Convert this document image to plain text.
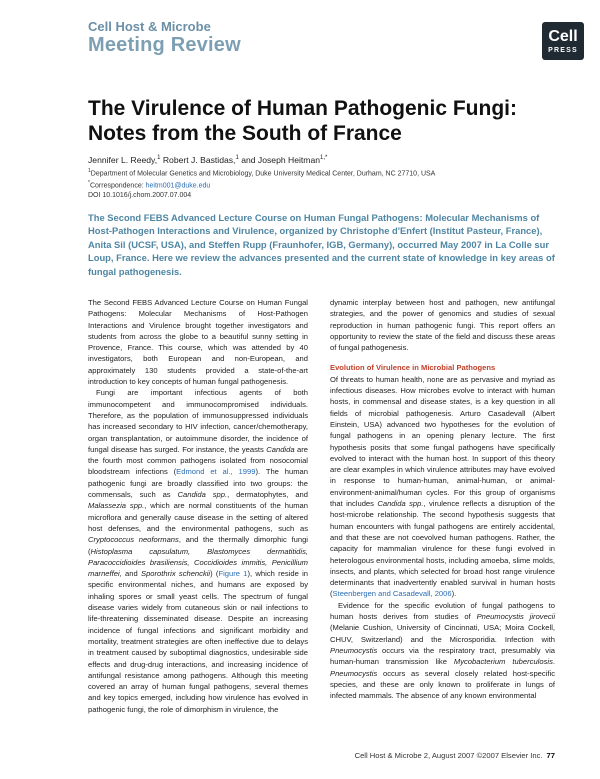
Cell Host & Microbe
Meeting Review	Cell
PRESS
The Virulence of Human Pathogenic Fungi: Notes from the South of France
Jennifer L. Reedy,$^1$ Robert J. Bastidas,$^1$ and Joseph Heitman$^{1,*}$
$^1$Department of Molecular Genetics and Microbiology, Duke University Medical Center, Durham, NC 27710, USA
*Correspondence: heitm001@duke.edu
DOI 10.1016/j.chom.2007.07.004

The Second FEBS Advanced Lecture Course on Human Fungal Pathogens: Molecular Mechanisms of Host-Pathogen Interactions and Virulence, organized by Christophe d'Enfert (Institut Pasteur, France), Anita Sil (UCSF, USA), and Steffen Rupp (Fraunhofer, IGB, Germany), occurred May 2007 in La Colle sur Loup, France. Here we review the advances presented and the current state of knowledge in key areas of fungal pathogenesis.

The Second FEBS Advanced Lecture Course on Human Fungal Pathogens: Molecular Mechanisms of Host-Pathogen Interactions and Virulence brought together investigators and students from across the globe to a beautiful sunny setting in Provence, France. This course, which was attended by 40 investigators, both European and non-European, and approximately 130 students provided a state-of-the-art introduction to key concepts of human fungal pathogenesis.

Fungi are important infectious agents of both immunocompetent and immunocompromised individuals. Therefore, as the population of immunosuppressed individuals has increased secondary to HIV infection, cancer/chemotherapy, organ transplantation, or autoimmune disorder, the incidence of fungal disease has surged. For instance, the yeasts Candida are the fourth most common pathogens isolated from nosocomial bloodstream infections (Edmond et al., 1999). The human pathogenic fungi are broadly classified into two groups: the commensals, such as Candida spp., dermatophytes, and Malassezia spp., which are normal constituents of the human microflora and generally cause disease in the setting of altered host defenses, and the environmental pathogens, such as Cryptococcus neoformans, and the thermally dimorphic fungi (Histoplasma capsulatum, Blastomyces dermatitidis, Paracoccidioides brasiliensis, Coccidioides immitis, Penicillium marneffei, and Sporothrix schenckii) (Figure 1), which reside in specific environmental niches, and humans are exposed by inhaling spores or small yeast cells. The spectrum of fungal disease varies widely from cutaneous skin or nail infections to life-threatening disseminated disease. Despite an increasing incidence of fungal infections and significant morbidity and mortality, treatment strategies are often ineffective due to delays in treatment caused by suboptimal diagnostics, undesirable side effects and drug-drug interactions, and increasing incidence of antifungal resistance among pathogens. Although this meeting covered an array of human fungal pathogens, several themes and key topics emerged, including how virulence has evolved in pathogenic fungi, the role of dimorphism in virulence, the

dynamic interplay between host and pathogen, new antifungal strategies, and the power of genomics and studies of sexual reproduction in human pathogenic fungi. This report offers an opportunity to review the state of the field and discuss these areas of fungal pathogenesis.

Evolution of Virulence in Microbial Pathogens

Of threats to human health, none are as pervasive and myriad as infectious diseases. How microbes evolve to interact with human hosts, in commensal and disease states, is a key question in all fields of microbial pathogenesis. Arturo Casadevall (Albert Einstein, USA) advanced two hypotheses for the evolution of fungal pathogens in an opening plenary lecture. The first hypothesis posits that some fungal pathogens have specifically evolved to interact with the human host. In support of this theory are clear examples in which virulence attributes may have evolved in response to human-human, animal-human, or animal-environment-animal/human cycles. For this group of organisms that includes Candida spp., virulence reflects a disruption of the host-microbe relationship. The second hypothesis suggests that human encounters with fungal pathogens are entirely accidental, and that these are not coevolved human pathogens. Rather, the capacity for mammalian virulence for these fungi evolved in heterologous environmental hosts, including amoeba, slime molds, insects, and plants, which selected for broad host range virulence determinants that inadvertently enabled survival in human hosts (Steenbergen and Casadevall, 2006).

Evidence for the specific evolution of fungal pathogens to human hosts derives from studies of Pneumocystis jirovecii (Melanie Cushion, University of Cincinnati, USA; Moira Cockell, CHUV, Switzerland) and the Microsporidia. Infection with Pneumocystis occurs via the respiratory tract, presumably via human-human transmission like Mycobacterium tuberculosis. Pneumocystis occurs as several closely related host-specific species, and these are only known to proliferate in lungs of infected mammals. The absence of any known environmental

Cell Host & Microbe 2, August 2007 ©2007 Elsevier Inc. 77
